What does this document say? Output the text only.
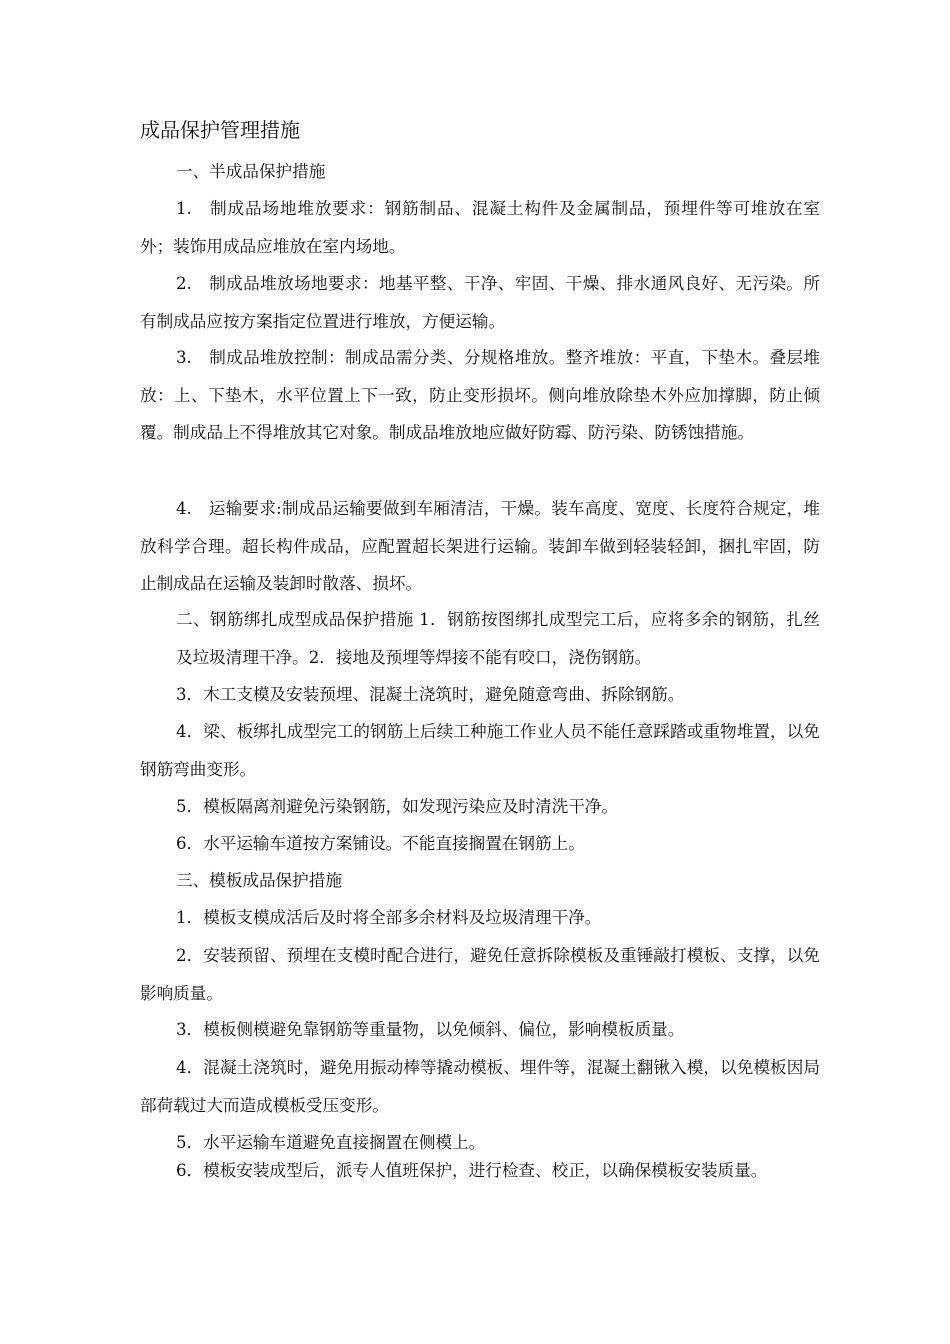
成品保护管理措施

一、半成品保护措施

1.　制成品场地堆放要求：钢筋制品、混凝土构件及金属制品，预埋件等可堆放在室外；装饰用成品应堆放在室内场地。

2.　制成品堆放场地要求：地基平整、干净、牢固、干燥、排水通风良好、无污染。所有制成品应按方案指定位置进行堆放，方便运输。

3.　制成品堆放控制：制成品需分类、分规格堆放。整齐堆放：平直，下垫木。叠层堆放：上、下垫木，水平位置上下一致，防止变形损坏。侧向堆放除垫木外应加撑脚，防止倾覆。制成品上不得堆放其它对象。制成品堆放地应做好防霉、防污染、防锈蚀措施。

4.　运输要求:制成品运输要做到车厢清洁，干燥。装车高度、宽度、长度符合规定，堆放科学合理。超长构件成品，应配置超长架进行运输。装卸车做到轻装轻卸，捆扎牢固，防止制成品在运输及装卸时散落、损坏。

二、钢筋绑扎成型成品保护措施 1．钢筋按图绑扎成型完工后，应将多余的钢筋，扎丝及垃圾清理干净。2．接地及预埋等焊接不能有咬口，浇伤钢筋。

3．木工支模及安装预埋、混凝土浇筑时，避免随意弯曲、拆除钢筋。

4．梁、板绑扎成型完工的钢筋上后续工种施工作业人员不能任意踩踏或重物堆置，以免钢筋弯曲变形。

5．模板隔离剂避免污染钢筋，如发现污染应及时清洗干净。

6．水平运输车道按方案铺设。不能直接搁置在钢筋上。

三、模板成品保护措施

1．模板支模成活后及时将全部多余材料及垃圾清理干净。

2．安装预留、预埋在支模时配合进行，避免任意拆除模板及重锤敲打模板、支撑，以免影响质量。

3．模板侧模避免靠钢筋等重量物，以免倾斜、偏位，影响模板质量。

4．混凝土浇筑时，避免用振动棒等撬动模板、埋件等，混凝土翻锹入模，以免模板因局部荷载过大而造成模板受压变形。

5．水平运输车道避免直接搁置在侧模上。

6．模板安装成型后，派专人值班保护，进行检查、校正，以确保模板安装质量。
